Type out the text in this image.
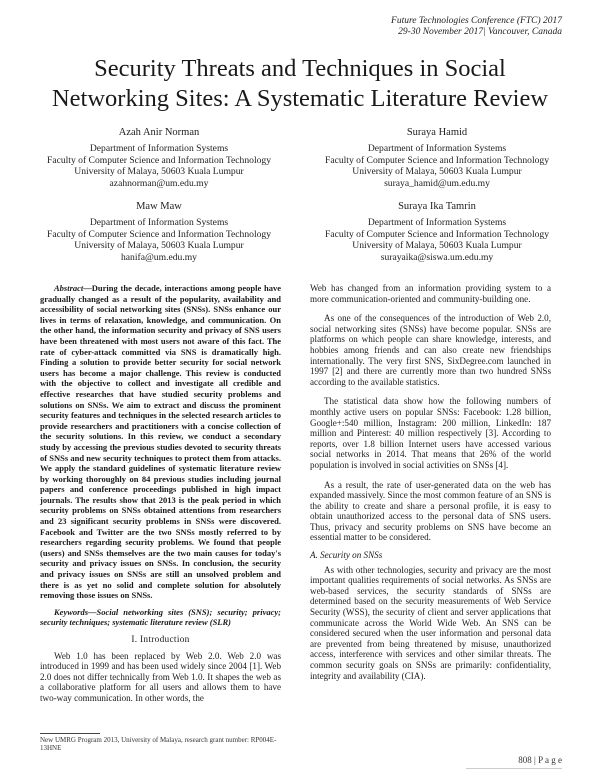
Future Technologies Conference (FTC) 2017
29-30 November 2017| Vancouver, Canada
Security Threats and Techniques in Social Networking Sites: A Systematic Literature Review
Azah Anir Norman
Department of Information Systems
Faculty of Computer Science and Information Technology
University of Malaya, 50603 Kuala Lumpur
azahnorman@um.edu.my
Suraya Hamid
Department of Information Systems
Faculty of Computer Science and Information Technology
University of Malaya, 50603 Kuala Lumpur
suraya_hamid@um.edu.my
Maw Maw
Department of Information Systems
Faculty of Computer Science and Information Technology
University of Malaya, 50603 Kuala Lumpur
hanifa@um.edu.my
Suraya Ika Tamrin
Department of Information Systems
Faculty of Computer Science and Information Technology
University of Malaya, 50603 Kuala Lumpur
surayaika@siswa.um.edu.my

Abstract—During the decade, interactions among people have gradually changed as a result of the popularity, availability and accessibility of social networking sites (SNSs). SNSs enhance our lives in terms of relaxation, knowledge, and communication. On the other hand, the information security and privacy of SNS users have been threatened with most users not aware of this fact. The rate of cyber-attack committed via SNS is dramatically high. Finding a solution to provide better security for social network users has become a major challenge. This review is conducted with the objective to collect and investigate all credible and effective researches that have studied security problems and solutions on SNSs. We aim to extract and discuss the prominent security features and techniques in the selected research articles to provide researchers and practitioners with a concise collection of the security solutions. In this review, we conduct a secondary study by accessing the previous studies devoted to security threats of SNSs and new security techniques to protect them from attacks. We apply the standard guidelines of systematic literature review by working thoroughly on 84 previous studies including journal papers and conference proceedings published in high impact journals. The results show that 2013 is the peak period in which security problems on SNSs obtained attentions from researchers and 23 significant security problems in SNSs were discovered. Facebook and Twitter are the two SNSs mostly referred to by researchers regarding security problems. We found that people (users) and SNSs themselves are the two main causes for today's security and privacy issues on SNSs. In conclusion, the security and privacy issues on SNSs are still an unsolved problem and there is as yet no solid and complete solution for absolutely removing those issues on SNSs.

Keywords—Social networking sites (SNS); security; privacy; security techniques; systematic literature review (SLR)

I. Introduction

Web 1.0 has been replaced by Web 2.0. Web 2.0 was introduced in 1999 and has been used widely since 2004 [1]. Web 2.0 does not differ technically from Web 1.0. It shapes the web as a collaborative platform for all users and allows them to have two-way communication. In other words, the

Web has changed from an information providing system to a more communication-oriented and community-building one.

As one of the consequences of the introduction of Web 2.0, social networking sites (SNSs) have become popular. SNSs are platforms on which people can share knowledge, interests, and hobbies among friends and can also create new friendships internationally. The very first SNS, SixDegree.com launched in 1997 [2] and there are currently more than two hundred SNSs according to the available statistics.

The statistical data show how the following numbers of monthly active users on popular SNSs: Facebook: 1.28 billion, Google+:540 million, Instagram: 200 million, LinkedIn: 187 million and Pinterest: 40 million respectively [3]. According to reports, over 1.8 billion Internet users have accessed various social networks in 2014. That means that 26% of the world population is involved in social activities on SNSs [4].

As a result, the rate of user-generated data on the web has expanded massively. Since the most common feature of an SNS is the ability to create and share a personal profile, it is easy to obtain unauthorized access to the personal data of SNS users. Thus, privacy and security problems on SNS have become an essential matter to be considered.

A. Security on SNSs

As with other technologies, security and privacy are the most important qualities requirements of social networks. As SNSs are web-based services, the security standards of SNSs are determined based on the security measurements of Web Service Security (WSS), the security of client and server applications that communicate across the World Wide Web. An SNS can be considered secured when the user information and personal data are prevented from being threatened by misuse, unauthorized access, interference with services and other similar threats. The common security goals on SNSs are primarily: confidentiality, integrity and availability (CIA).

New UMRG Program 2013, University of Malaya, research grant number: RP004E-13HNE
808 | P a g e
